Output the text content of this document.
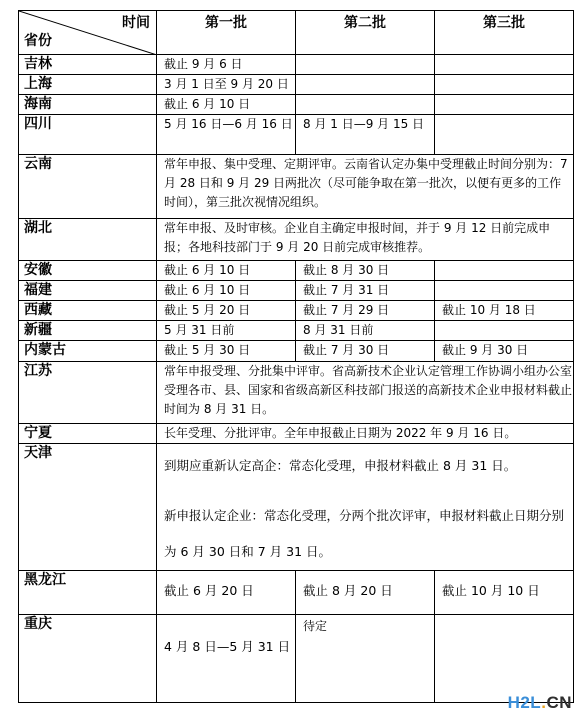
时间
省份	第一批	第二批	第三批
吉林	截止 9 月 6 日		
上海	3 月 1 日至 9 月 20 日		
海南	截止 6 月 10 日		
四川	5 月 16 日—6 月 16 日	8 月 1 日—9 月 15 日	
云南	常年申报、集中受理、定期评审。云南省认定办集中受理截止时间分别为：7 月 28 日和 9 月 29 日两批次（尽可能争取在第一批次，以便有更多的工作时间），第三批次视情况组织。		
湖北	常年申报、及时审核。企业自主确定申报时间，并于 9 月 12 日前完成申报；各地科技部门于 9 月 20 日前完成审核推荐。		
安徽	截止 6 月 10 日	截止 8 月 30 日	
福建	截止 6 月 10 日	截止 7 月 31 日	
西藏	截止 5 月 20 日	截止 7 月 29 日	截止 10 月 18 日
新疆	5 月 31 日前	8 月 31 日前	
内蒙古	截止 5 月 30 日	截止 7 月 30 日	截止 9 月 30 日
江苏	常年申报受理、分批集中评审。省高新技术企业认定管理工作协调小组办公室受理各市、县、国家和省级高新区科技部门报送的高新技术企业申报材料截止时间为 8 月 31 日。		
宁夏	长年受理、分批评审。全年申报截止日期为 2022 年 9 月 16 日。		
天津	到期应重新认定高企：常态化受理，申报材料截止 8 月 31 日。
新申报认定企业：常态化受理，分两个批次评审，申报材料截止日期分别为 6 月 30 日和 7 月 31 日。		

黑龙江	截止 6 月 20 日	截止 8 月 20 日	截止 10 月 10 日
重庆	4 月 8 日—5 月 31 日	待定	
H2L.CN
